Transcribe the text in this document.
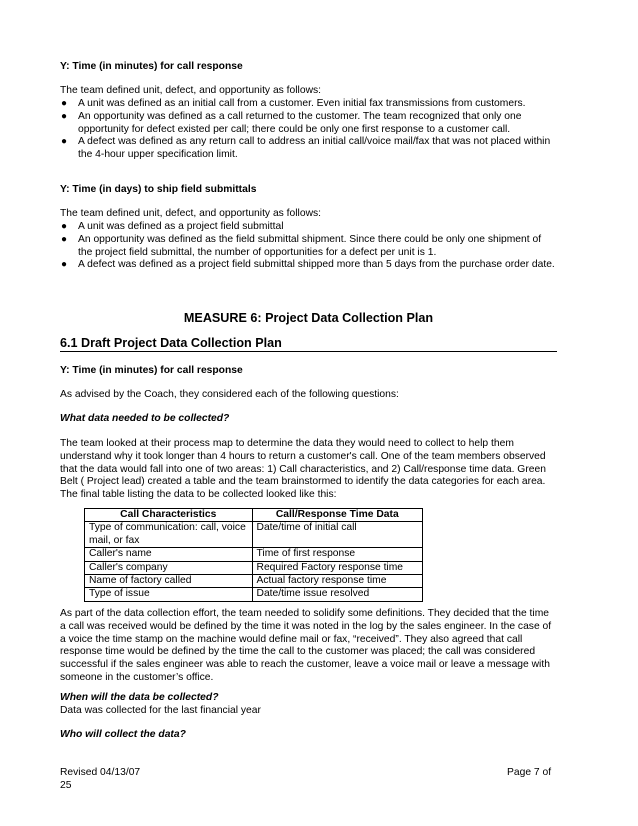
Y: Time (in minutes) for call response

The team defined unit, defect, and opportunity as follows:

● A unit was defined as an initial call from a customer. Even initial fax transmissions from customers.
● An opportunity was defined as a call returned to the customer. The team recognized that only one opportunity for defect existed per call; there could be only one first response to a customer call.
● A defect was defined as any return call to address an initial call/voice mail/fax that was not placed within the 4-hour upper specification limit.
Y: Time (in days) to ship field submittals

The team defined unit, defect, and opportunity as follows:

● A unit was defined as a project field submittal
● An opportunity was defined as the field submittal shipment. Since there could be only one shipment of the project field submittal, the number of opportunities for a defect per unit is 1.
● A defect was defined as a project field submittal shipped more than 5 days from the purchase order date.
MEASURE 6: Project Data Collection Plan
6.1 Draft Project Data Collection Plan
Y: Time (in minutes) for call response

As advised by the Coach, they considered each of the following questions:

What data needed to be collected?

The team looked at their process map to determine the data they would need to collect to help them understand why it took longer than 4 hours to return a customer's call. One of the team members observed that the data would fall into one of two areas: 1) Call characteristics, and 2) Call/response time data. Green Belt ( Project lead) created a table and the team brainstormed to identify the data categories for each area. The final table listing the data to be collected looked like this:

Call Characteristics	Call/Response Time Data
Type of communication: call, voice mail, or fax	Date/time of initial call
Caller's name	Time of first response
Caller's company	Required Factory response time
Name of factory called	Actual factory response time
Type of issue	Date/time issue resolved

As part of the data collection effort, the team needed to solidify some definitions. They decided that the time a call was received would be defined by the time it was noted in the log by the sales engineer. In the case of a voice the time stamp on the machine would define mail or fax, “received”. They also agreed that call response time would be defined by the time the call to the customer was placed; the call was considered successful if the sales engineer was able to reach the customer, leave a voice mail or leave a message with someone in the customer’s office.

When will the data be collected?

Data was collected for the last financial year

Who will collect the data?
Revised 04/13/07
25
Page 7 of
